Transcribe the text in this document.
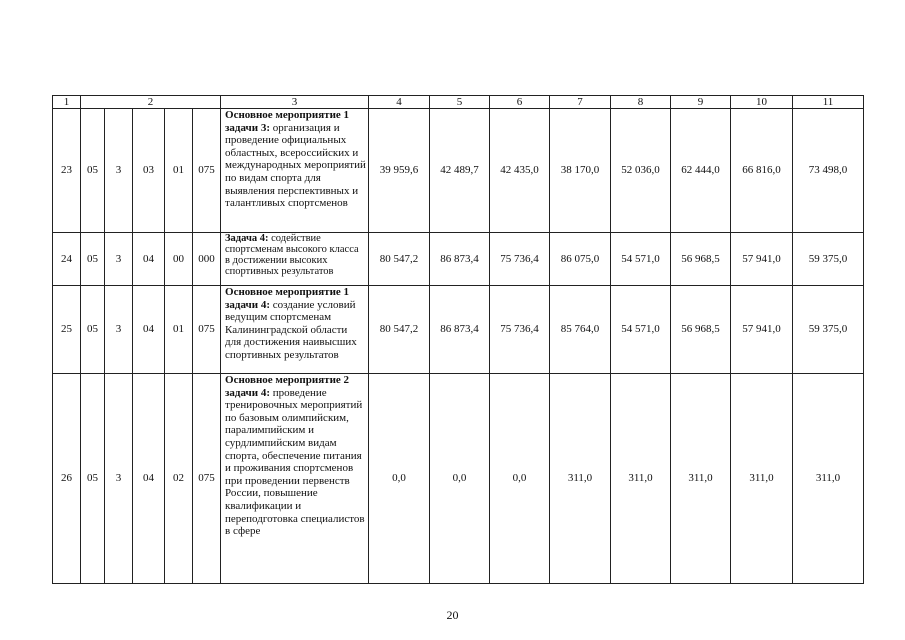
1	2					3	4	5	6	7	8	9	10	11
23	05	3	03	01	075	Основное мероприятие 1 задачи 3: организация и проведение официальных областных, всероссийских и международных мероприятий по видам спорта для выявления перспективных и талантливых спортсменов	39 959,6	42 489,7	42 435,0	38 170,0	52 036,0	62 444,0	66 816,0	73 498,0
24	05	3	04	00	000	Задача 4: содействие спортсменам высокого класса в достижении высоких спортивных результатов	80 547,2	86 873,4	75 736,4	86 075,0	54 571,0	56 968,5	57 941,0	59 375,0
25	05	3	04	01	075	Основное мероприятие 1 задачи 4: создание условий ведущим спортсменам Калининградской области для достижения наивысших спортивных результатов	80 547,2	86 873,4	75 736,4	85 764,0	54 571,0	56 968,5	57 941,0	59 375,0
26	05	3	04	02	075	Основное мероприятие 2 задачи 4: проведение тренировочных мероприятий по базовым олимпийским, паралимпийским и сурдлимпийским видам спорта, обеспечение питания и проживания спортсменов при проведении первенств России, повышение квалификации и переподготовка специалистов в сфере	0,0	0,0	0,0	311,0	311,0	311,0	311,0	311,0
20
